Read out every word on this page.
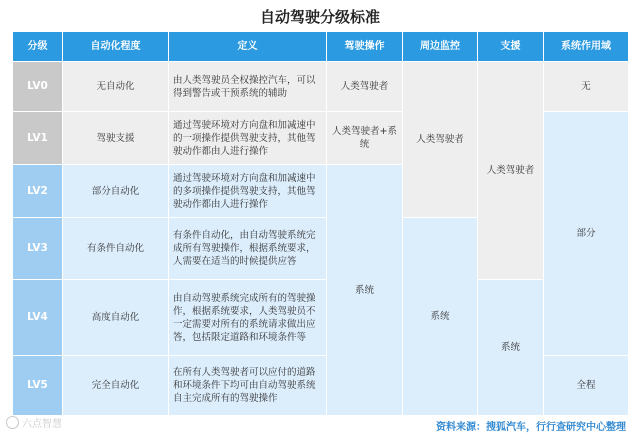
自动驾驶分级标准
分级	自动化程度	定义	驾驶操作	周边监控	支援	系统作用域
LV0	无自动化	由人类驾驶员全权操控汽车，可以得到警告或干预系统的辅助	人类驾驶者	人类驾驶者	人类驾驶者	无
LV1	驾驶支援	通过驾驶环境对方向盘和加减速中的一项操作提供驾驶支持，其他驾驶动作都由人进行操作	人类驾驶者+系统			部分
LV2	部分自动化	通过驾驶环境对方向盘和加减速中的多项操作提供驾驶支持，其他驾驶动作都由人进行操作	系统			
LV3	有条件自动化	有条件自动化，由自动驾驶系统完成所有驾驶操作，根据系统要求，人需要在适当的时候提供应答		系统		
LV4	高度自动化	由自动驾驶系统完成所有的驾驶操作，根据系统要求，人类驾驶员不一定需要对所有的系统请求做出应答，包括限定道路和环境条件等			系统	
LV5	完全自动化	在所有人类驾驶者可以应付的道路和环境条件下均可由自动驾驶系统自主完成所有的驾驶操作				全程
六点智慧	资料来源：搜狐汽车，行行查研究中心整理
